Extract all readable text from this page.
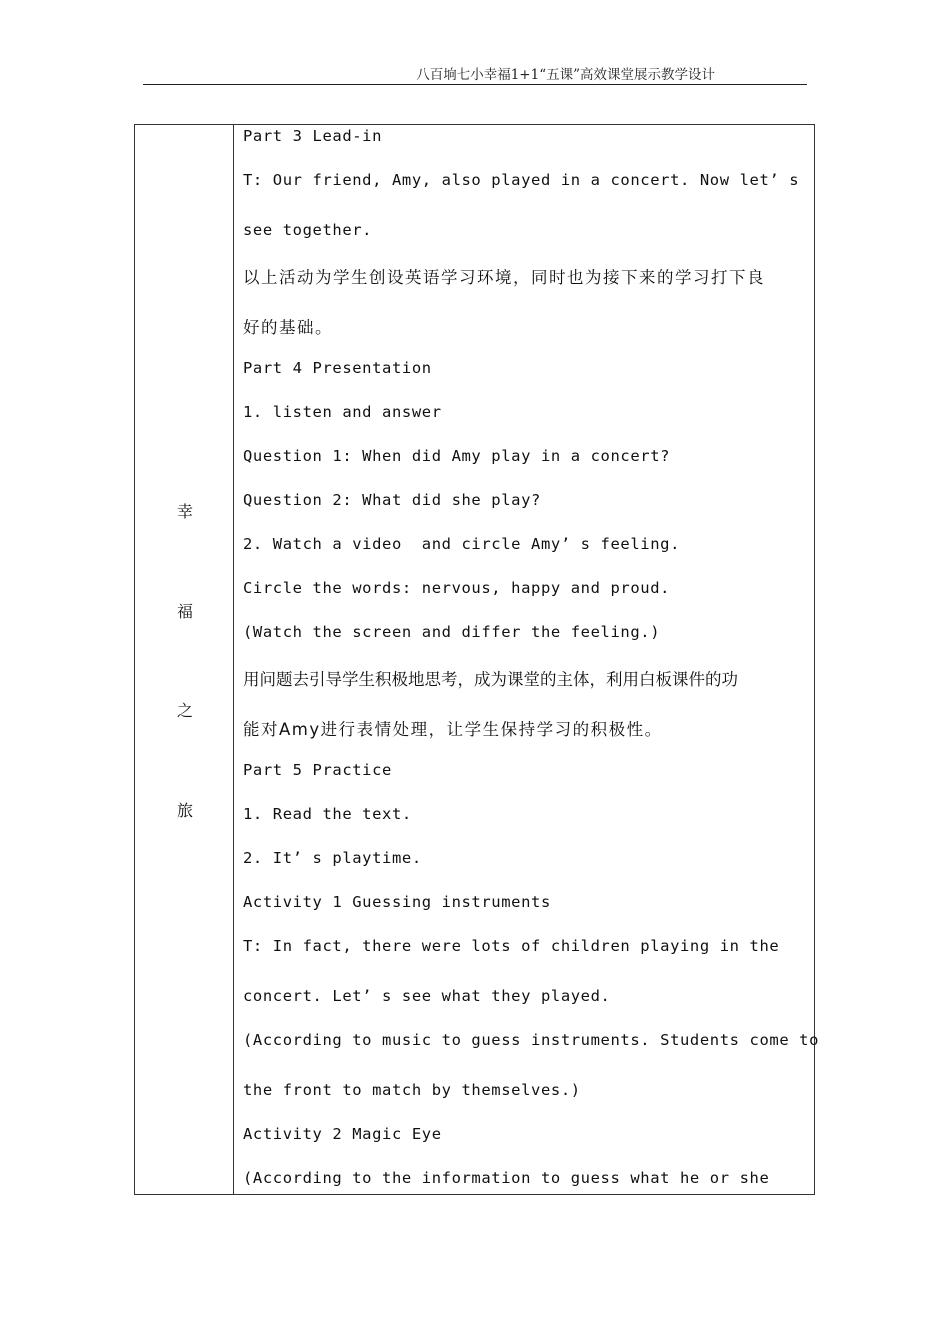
八百垧七小幸福1+1“五课”高效课堂展示教学设计
幸
福
之
旅
Part 3 Lead-in
T: Our friend, Amy, also played in a concert. Now let’ s
see together.
以上活动为学生创设英语学习环境，同时也为接下来的学习打下良
好的基础。
Part 4 Presentation
1. listen and answer
Question 1: When did Amy play in a concert?
Question 2: What did she play?
2. Watch a video  and circle Amy’ s feeling.
Circle the words: nervous, happy and proud.
(Watch the screen and differ the feeling.)
用问题去引导学生积极地思考，成为课堂的主体，利用白板课件的功
能对Amy进行表情处理，让学生保持学习的积极性。
Part 5 Practice
1. Read the text.
2. It’ s playtime.
Activity 1 Guessing instruments
T: In fact, there were lots of children playing in the
concert. Let’ s see what they played.
(According to music to guess instruments. Students come to
the front to match by themselves.)
Activity 2 Magic Eye
(According to the information to guess what he or she
